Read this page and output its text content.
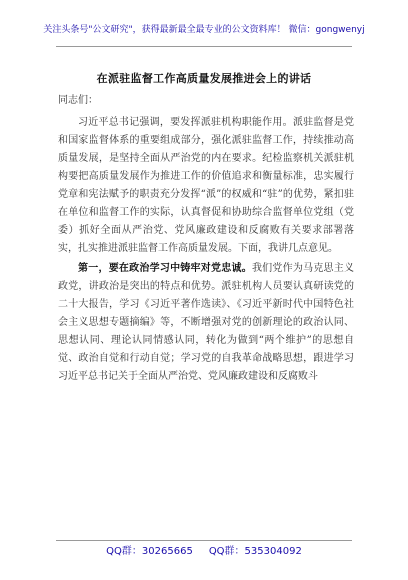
关注头条号"公文研究"，获得最新最全最专业的公文资料库！ 微信：gongwenyj
在派驻监督工作高质量发展推进会上的讲话

同志们：

习近平总书记强调，要发挥派驻机构职能作用。派驻监督是党和国家监督体系的重要组成部分，强化派驻监督工作，持续推动高质量发展，是坚持全面从严治党的内在要求。纪检监察机关派驻机构要把高质量发展作为推进工作的价值追求和衡量标准，忠实履行党章和宪法赋予的职责充分发挥“派”的权威和“驻”的优势，紧扣驻在单位和监督工作的实际，认真督促和协助综合监督单位党组（党委）抓好全面从严治党、党风廉政建设和反腐败有关要求部署落实，扎实推进派驻监督工作高质量发展。下面，我讲几点意见。

第一，要在政治学习中铸牢对党忠诚。我们党作为马克思主义政党，讲政治是突出的特点和优势。派驻机构人员要认真研读党的二十大报告，学习《习近平著作选读》、《习近平新时代中国特色社会主义思想专题摘编》等，不断增强对党的创新理论的政治认同、思想认同、理论认同情感认同，转化为做到“两个维护”的思想自觉、政治自觉和行动自觉；学习党的自我革命战略思想，跟进学习习近平总书记关于全面从严治党、党风廉政建设和反腐败斗

QQ群：30265665 QQ群：535304092
